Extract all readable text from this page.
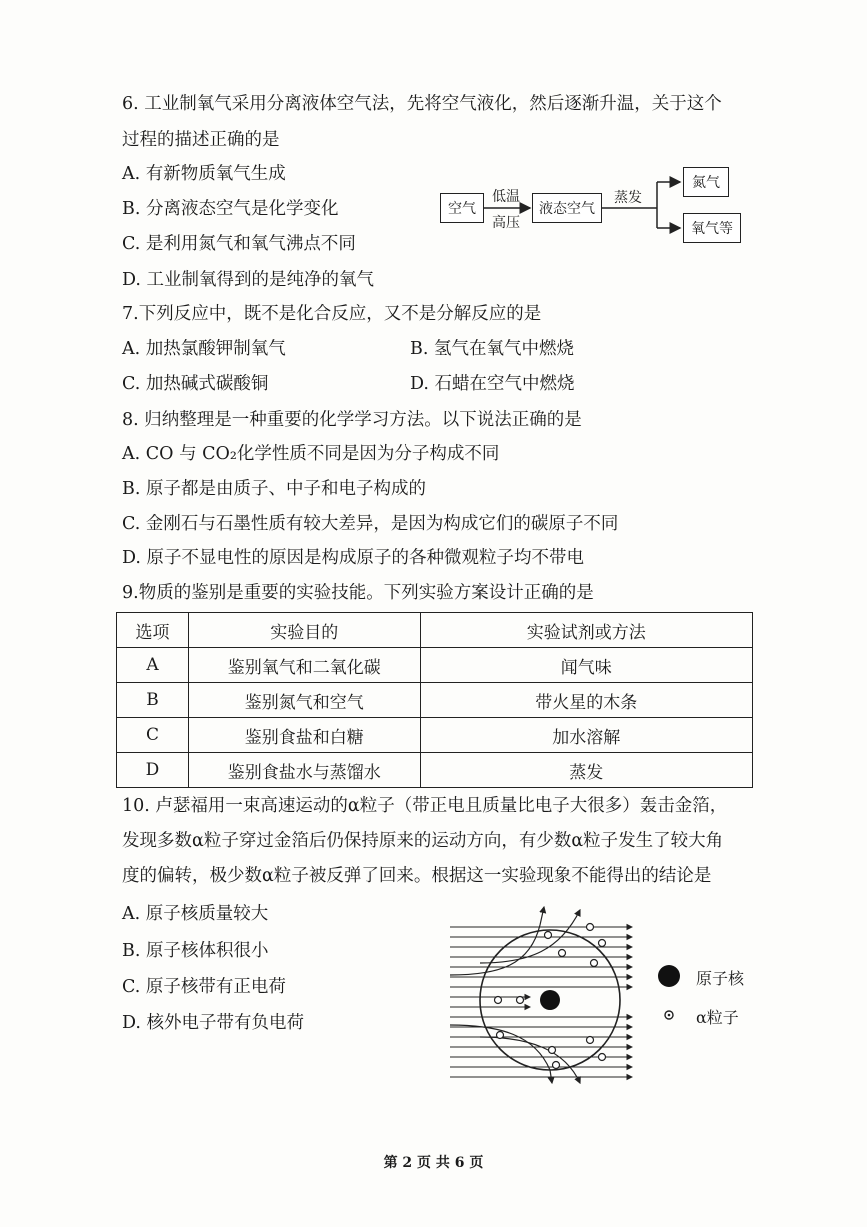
6. 工业制氧气采用分离液体空气法，先将空气液化，然后逐渐升温，关于这个
过程的描述正确的是
A. 有新物质氧气生成
B. 分离液态空气是化学变化
C. 是利用氮气和氧气沸点不同
D. 工业制氧得到的是纯净的氧气
空气
低温
高压
液态空气
蒸发
氮气
氧气等
7.下列反应中，既不是化合反应，又不是分解反应的是
A. 加热氯酸钾制氧气	B. 氢气在氧气中燃烧
C. 加热碱式碳酸铜	D. 石蜡在空气中燃烧
8. 归纳整理是一种重要的化学学习方法。以下说法正确的是
A. CO 与 CO₂化学性质不同是因为分子构成不同
B. 原子都是由质子、中子和电子构成的
C. 金刚石与石墨性质有较大差异，是因为构成它们的碳原子不同
D. 原子不显电性的原因是构成原子的各种微观粒子均不带电
9.物质的鉴别是重要的实验技能。下列实验方案设计正确的是
选项	实验目的	实验试剂或方法
A	鉴别氧气和二氧化碳	闻气味
B	鉴别氮气和空气	带火星的木条
C	鉴别食盐和白糖	加水溶解
D	鉴别食盐水与蒸馏水	蒸发
10. 卢瑟福用一束高速运动的α粒子（带正电且质量比电子大很多）轰击金箔，
发现多数α粒子穿过金箔后仍保持原来的运动方向，有少数α粒子发生了较大角
度的偏转，极少数α粒子被反弹了回来。根据这一实验现象不能得出的结论是
A. 原子核质量较大
B. 原子核体积很小
C. 原子核带有正电荷
D. 核外电子带有负电荷
原子核
α粒子
第 2 页 共 6 页
